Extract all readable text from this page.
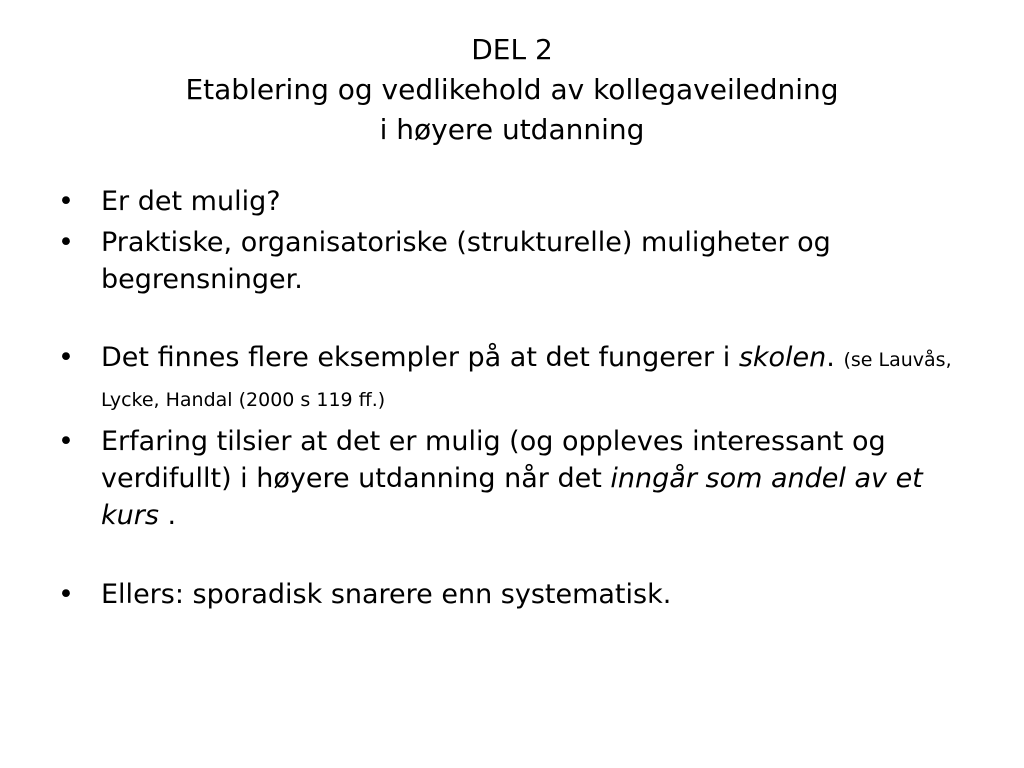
DEL 2
Etablering og vedlikehold av kollegaveiledning
i høyere utdanning
• Er det mulig?
• Praktiske, organisatoriske (strukturelle) muligheter og begrensninger.
• Det finnes flere eksempler på at det fungerer i skolen. (se Lauvås, Lycke, Handal (2000 s 119 ff.)
• Erfaring tilsier at det er mulig (og oppleves interessant og verdifullt) i høyere utdanning når det inngår som andel av et kurs .
• Ellers: sporadisk snarere enn systematisk.
